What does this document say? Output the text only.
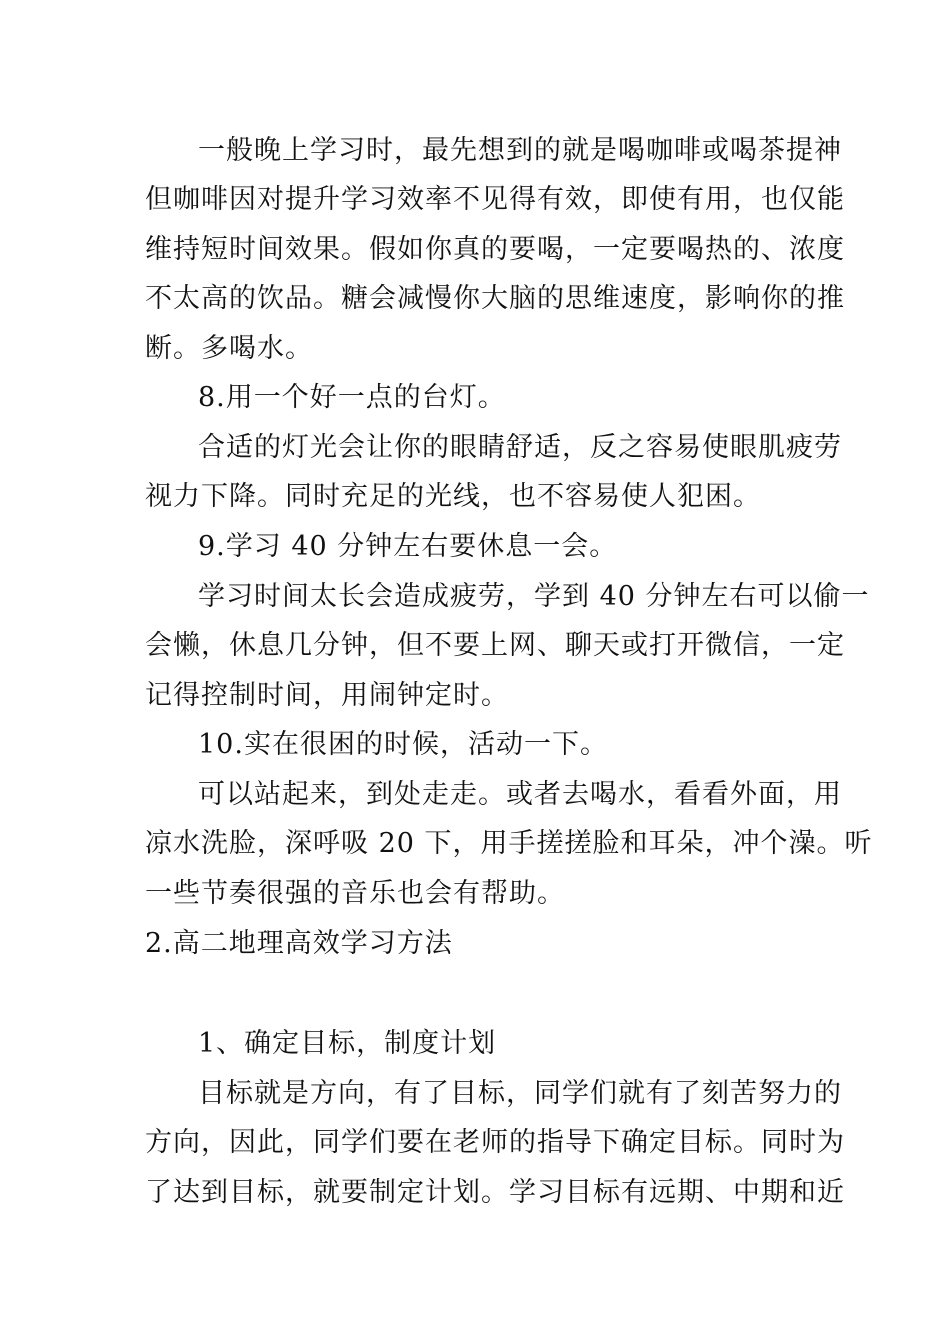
一般晚上学习时，最先想到的就是喝咖啡或喝茶提神
但咖啡因对提升学习效率不见得有效，即使有用，也仅能
维持短时间效果。假如你真的要喝，一定要喝热的、浓度
不太高的饮品。糖会减慢你大脑的思维速度，影响你的推
断。多喝水。
8.用一个好一点的台灯。
合适的灯光会让你的眼睛舒适，反之容易使眼肌疲劳
视力下降。同时充足的光线，也不容易使人犯困。
9.学习 40 分钟左右要休息一会。
学习时间太长会造成疲劳，学到 40 分钟左右可以偷一
会懒，休息几分钟，但不要上网、聊天或打开微信，一定
记得控制时间，用闹钟定时。
10.实在很困的时候，活动一下。
可以站起来，到处走走。或者去喝水，看看外面，用
凉水洗脸，深呼吸 20 下，用手搓搓脸和耳朵，冲个澡。听
一些节奏很强的音乐也会有帮助。
2.高二地理高效学习方法
1、确定目标，制度计划
目标就是方向，有了目标，同学们就有了刻苦努力的
方向，因此，同学们要在老师的指导下确定目标。同时为
了达到目标，就要制定计划。学习目标有远期、中期和近
